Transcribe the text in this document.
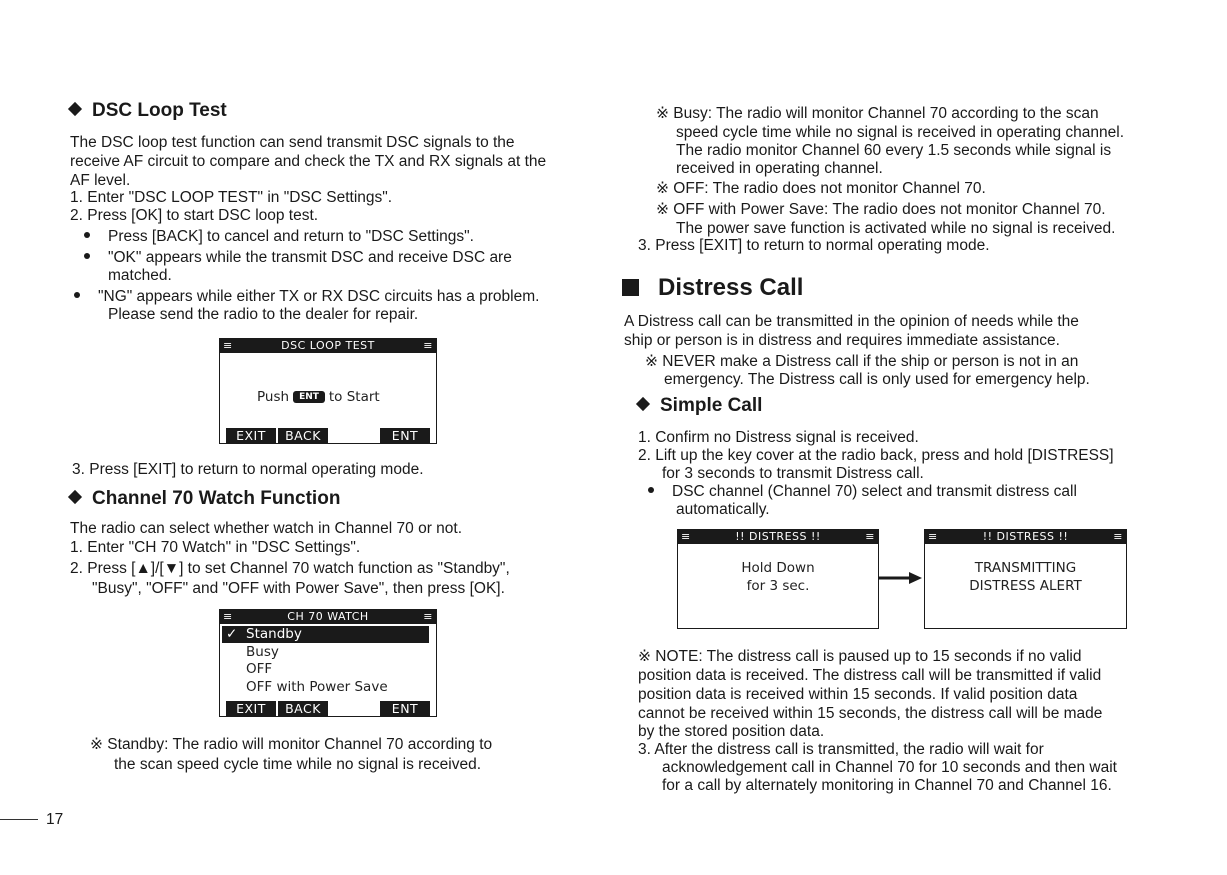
DSC Loop Test
The DSC loop test function can send transmit DSC signals to the
receive AF circuit to compare and check the TX and RX signals at the
AF level.
1. Enter "DSC LOOP TEST" in "DSC Settings".
2. Press [OK] to start DSC loop test.
Press [BACK] to cancel and return to "DSC Settings".
"OK" appears while the transmit DSC and receive DSC are
matched.
"NG" appears while either TX or RX DSC circuits has a problem.
Please send the radio to the dealer for repair.
≡	DSC LOOP TEST	≡
Push ENT to Start
EXIT	BACK	ENT
3. Press [EXIT] to return to normal operating mode.
Channel 70 Watch Function
The radio can select whether watch in Channel 70 or not.
1. Enter "CH 70 Watch" in "DSC Settings".
2. Press [▲]/[▼] to set Channel 70 watch function as "Standby",
"Busy", "OFF" and "OFF with Power Save", then press [OK].
≡	CH 70 WATCH	≡
✓ Standby
Busy
OFF
OFF with Power Save
EXIT	BACK	ENT
※ Standby: The radio will monitor Channel 70 according to
the scan speed cycle time while no signal is received.
※ Busy: The radio will monitor Channel 70 according to the scan
speed cycle time while no signal is received in operating channel.
The radio monitor Channel 60 every 1.5 seconds while signal is
received in operating channel.
※ OFF: The radio does not monitor Channel 70.
※ OFF with Power Save: The radio does not monitor Channel 70.
The power save function is activated while no signal is received.
3. Press [EXIT] to return to normal operating mode.
Distress Call
A Distress call can be transmitted in the opinion of needs while the
ship or person is in distress and requires immediate assistance.
※ NEVER make a Distress call if the ship or person is not in an
emergency. The Distress call is only used for emergency help.
Simple Call
1. Confirm no Distress signal is received.
2. Lift up the key cover at the radio back, press and hold [DISTRESS]
for 3 seconds to transmit Distress call.
DSC channel (Channel 70) select and transmit distress call
automatically.
≡	!! DISTRESS !!	≡
Hold Down
for 3 sec.
≡	!! DISTRESS !!	≡
TRANSMITTING
DISTRESS ALERT
※ NOTE: The distress call is paused up to 15 seconds if no valid
position data is received. The distress call will be transmitted if valid
position data is received within 15 seconds. If valid position data
cannot be received within 15 seconds, the distress call will be made
by the stored position data.
3. After the distress call is transmitted, the radio will wait for
acknowledgement call in Channel 70 for 10 seconds and then wait
for a call by alternately monitoring in Channel 70 and Channel 16.
17
